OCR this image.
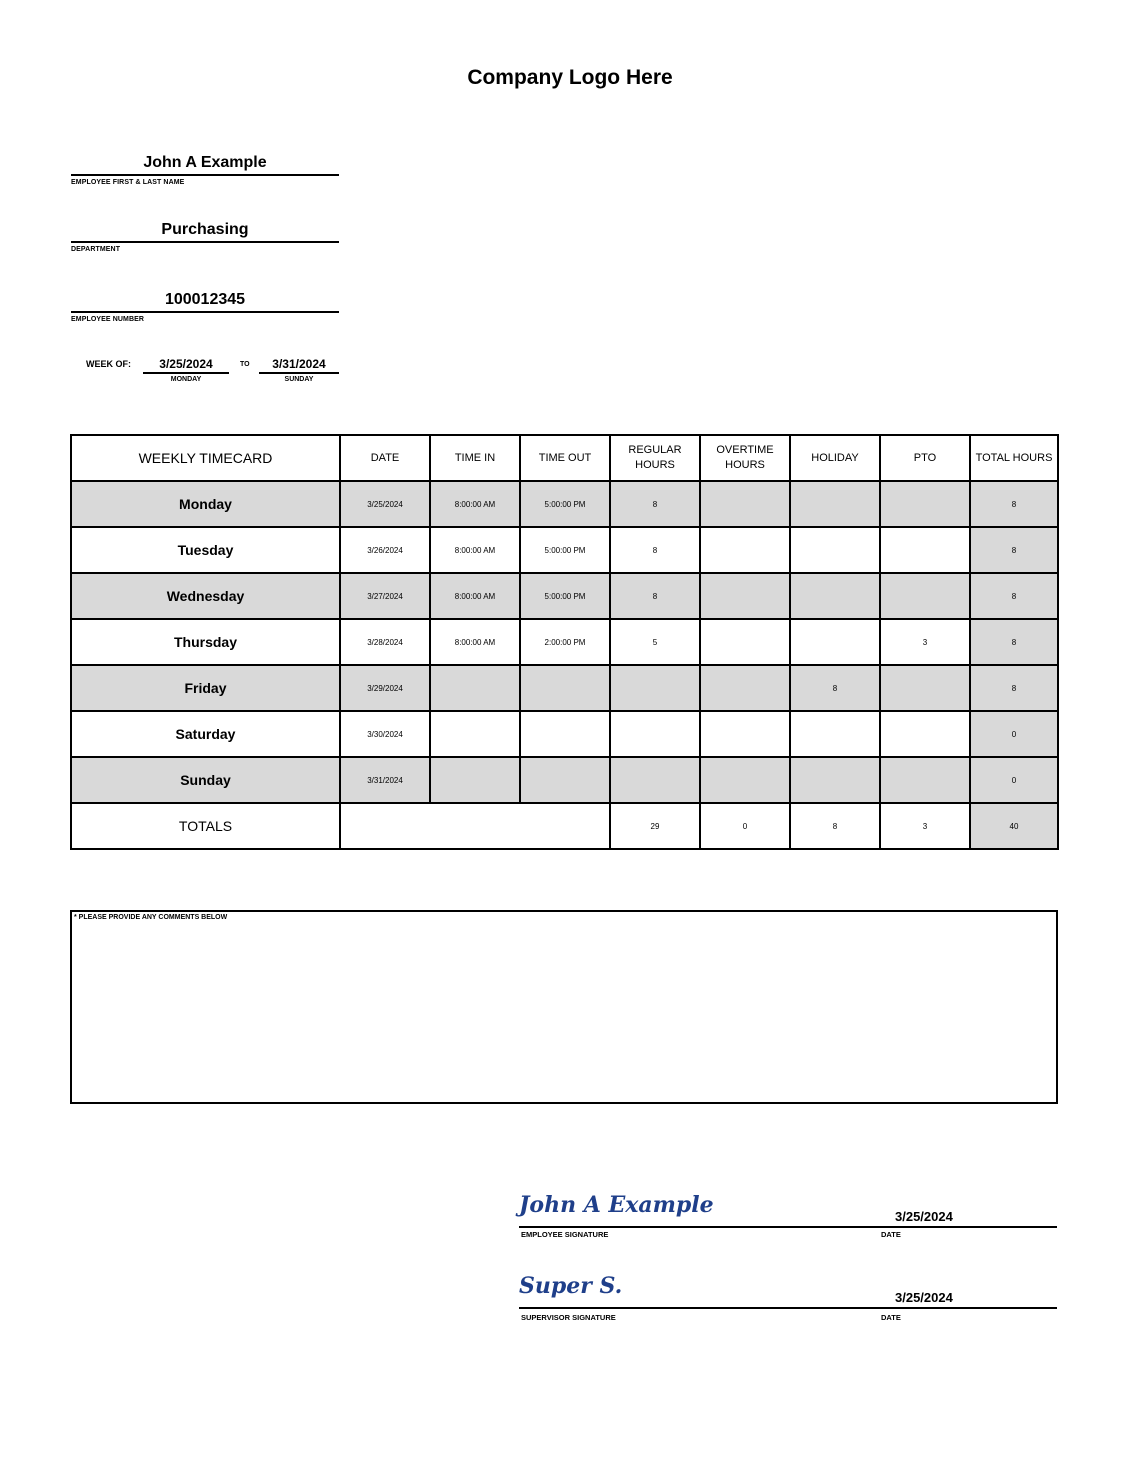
Company Logo Here
John A Example
EMPLOYEE FIRST & LAST NAME
Purchasing
DEPARTMENT
100012345
EMPLOYEE NUMBER
WEEK OF:	3/25/2024
MONDAY
TO	3/31/2024
SUNDAY
WEEKLY TIMECARD	DATE	TIME IN	TIME OUT	REGULAR HOURS	OVERTIME HOURS	HOLIDAY	PTO	TOTAL HOURS
Monday	3/25/2024	8:00:00 AM	5:00:00 PM	8				8
Tuesday	3/26/2024	8:00:00 AM	5:00:00 PM	8				8
Wednesday	3/27/2024	8:00:00 AM	5:00:00 PM	8				8
Thursday	3/28/2024	8:00:00 AM	2:00:00 PM	5			3	8
Friday	3/29/2024					8		8
Saturday	3/30/2024							0
Sunday	3/31/2024							0
TOTALS				29	0	8	3	40
* PLEASE PROVIDE ANY COMMENTS BELOW
John A Example	3/25/2024
EMPLOYEE SIGNATURE	DATE
Super S.	3/25/2024
SUPERVISOR SIGNATURE	DATE
